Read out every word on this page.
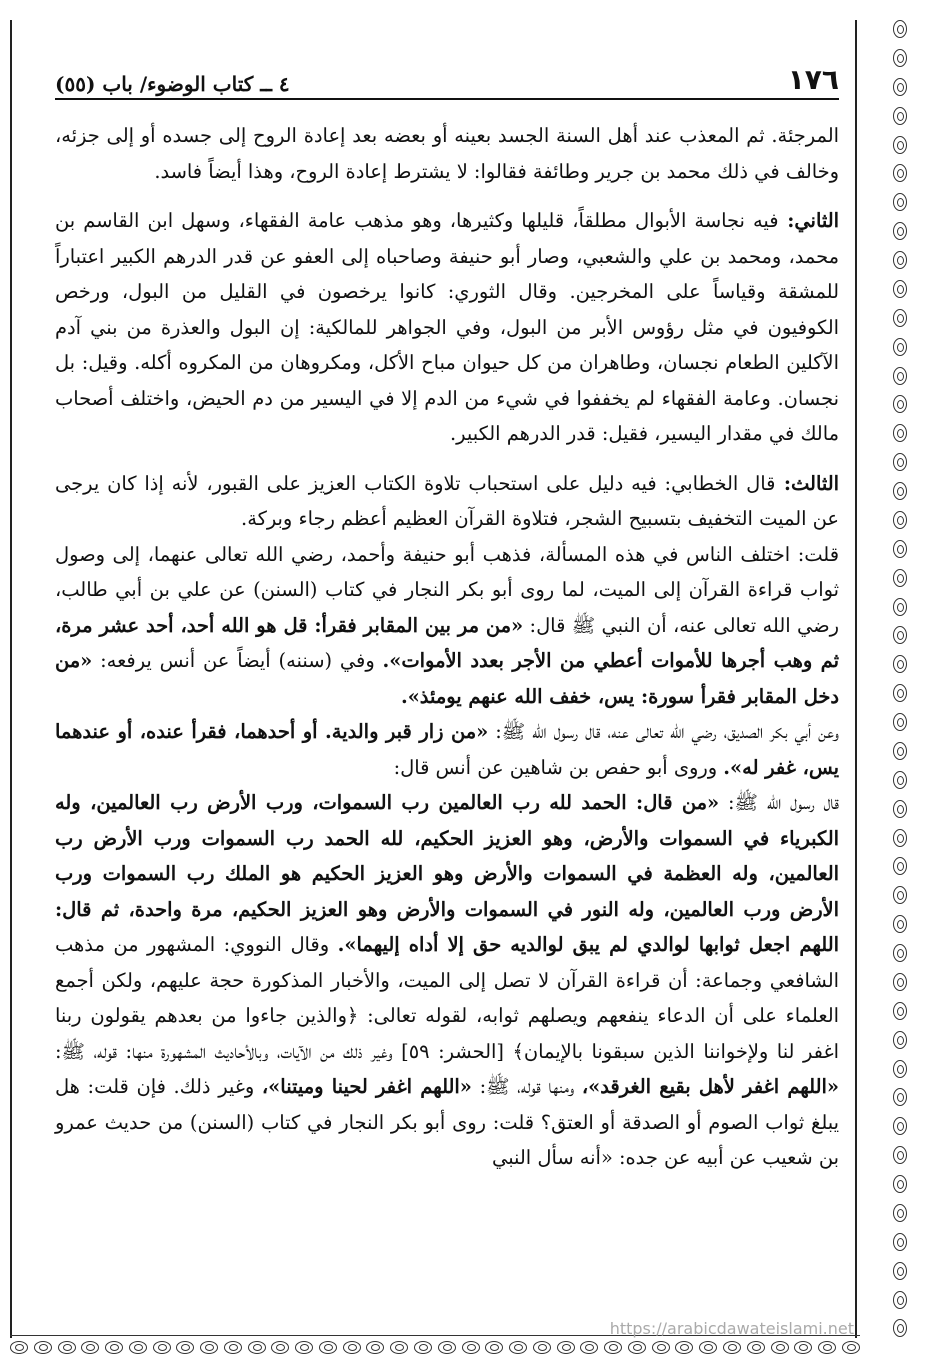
١٧٦
٤ ــ كتاب الوضوء/ باب (٥٥)

المرجئة. ثم المعذب عند أهل السنة الجسد بعينه أو بعضه بعد إعادة الروح إلى جسده أو إلى جزئه، وخالف في ذلك محمد بن جرير وطائفة فقالوا: لا يشترط إعادة الروح، وهذا أيضاً فاسد.

الثاني: فيه نجاسة الأبوال مطلقاً، قليلها وكثيرها، وهو مذهب عامة الفقهاء، وسهل ابن القاسم بن محمد، ومحمد بن علي والشعبي، وصار أبو حنيفة وصاحباه إلى العفو عن قدر الدرهم الكبير اعتباراً للمشقة وقياساً على المخرجين. وقال الثوري: كانوا يرخصون في القليل من البول، ورخص الكوفيون في مثل رؤوس الأبر من البول، وفي الجواهر للمالكية: إن البول والعذرة من بني آدم الآكلين الطعام نجسان، وطاهران من كل حيوان مباح الأكل، ومكروهان من المكروه أكله. وقيل: بل نجسان. وعامة الفقهاء لم يخففوا في شيء من الدم إلا في اليسير من دم الحيض، واختلف أصحاب مالك في مقدار اليسير، فقيل: قدر الدرهم الكبير.

الثالث: قال الخطابي: فيه دليل على استحباب تلاوة الكتاب العزيز على القبور، لأنه إذا كان يرجى عن الميت التخفيف بتسبيح الشجر، فتلاوة القرآن العظيم أعظم رجاء وبركة.

قلت: اختلف الناس في هذه المسألة، فذهب أبو حنيفة وأحمد، رضي الله تعالى عنهما، إلى وصول ثواب قراءة القرآن إلى الميت، لما روى أبو بكر النجار في كتاب (السنن) عن علي بن أبي طالب، رضي الله تعالى عنه، أن النبي ﷺ قال: «من مر بين المقابر فقرأ: قل هو الله أحد، أحد عشر مرة، ثم وهب أجرها للأموات أعطي من الأجر بعدد الأموات». وفي (سننه) أيضاً عن أنس يرفعه: «من دخل المقابر فقرأ سورة: يس، خفف الله عنهم يومئذ».

وعن أبي بكر الصديق، رضي الله تعالى عنه، قال رسول الله ﷺ: «من زار قبر والدية. أو أحدهما، فقرأ عنده، أو عندهما يس، غفر له». وروى أبو حفص بن شاهين عن أنس قال:

قال رسول الله ﷺ: «من قال: الحمد لله رب العالمين رب السموات، ورب الأرض رب العالمين، وله الكبرياء في السموات والأرض، وهو العزيز الحكيم، لله الحمد رب السموات ورب الأرض رب العالمين، وله العظمة في السموات والأرض وهو العزيز الحكيم هو الملك رب السموات ورب الأرض ورب العالمين، وله النور في السموات والأرض وهو العزيز الحكيم، مرة واحدة، ثم قال: اللهم اجعل ثوابها لوالدي لم يبق لوالديه حق إلا أداه إليهما». وقال النووي: المشهور من مذهب الشافعي وجماعة: أن قراءة القرآن لا تصل إلى الميت، والأخبار المذكورة حجة عليهم، ولكن أجمع العلماء على أن الدعاء ينفعهم ويصلهم ثوابه، لقوله تعالى: ﴿والذين جاءوا من بعدهم يقولون ربنا اغفر لنا ولإخواننا الذين سبقونا بالإيمان﴾ [الحشر: ٥٩] وغير ذلك من الآيات، وبالأحاديث المشهورة منها: قوله، ﷺ: «اللهم اغفر لأهل بقيع الغرقد»، ومنها قوله، ﷺ: «اللهم اغفر لحينا وميتنا»، وغير ذلك. فإن قلت: هل يبلغ ثواب الصوم أو الصدقة أو العتق؟ قلت: روى أبو بكر النجار في كتاب (السنن) من حديث عمرو بن شعيب عن أبيه عن جده: «أنه سأل النبي

https://arabicdawateislami.net
